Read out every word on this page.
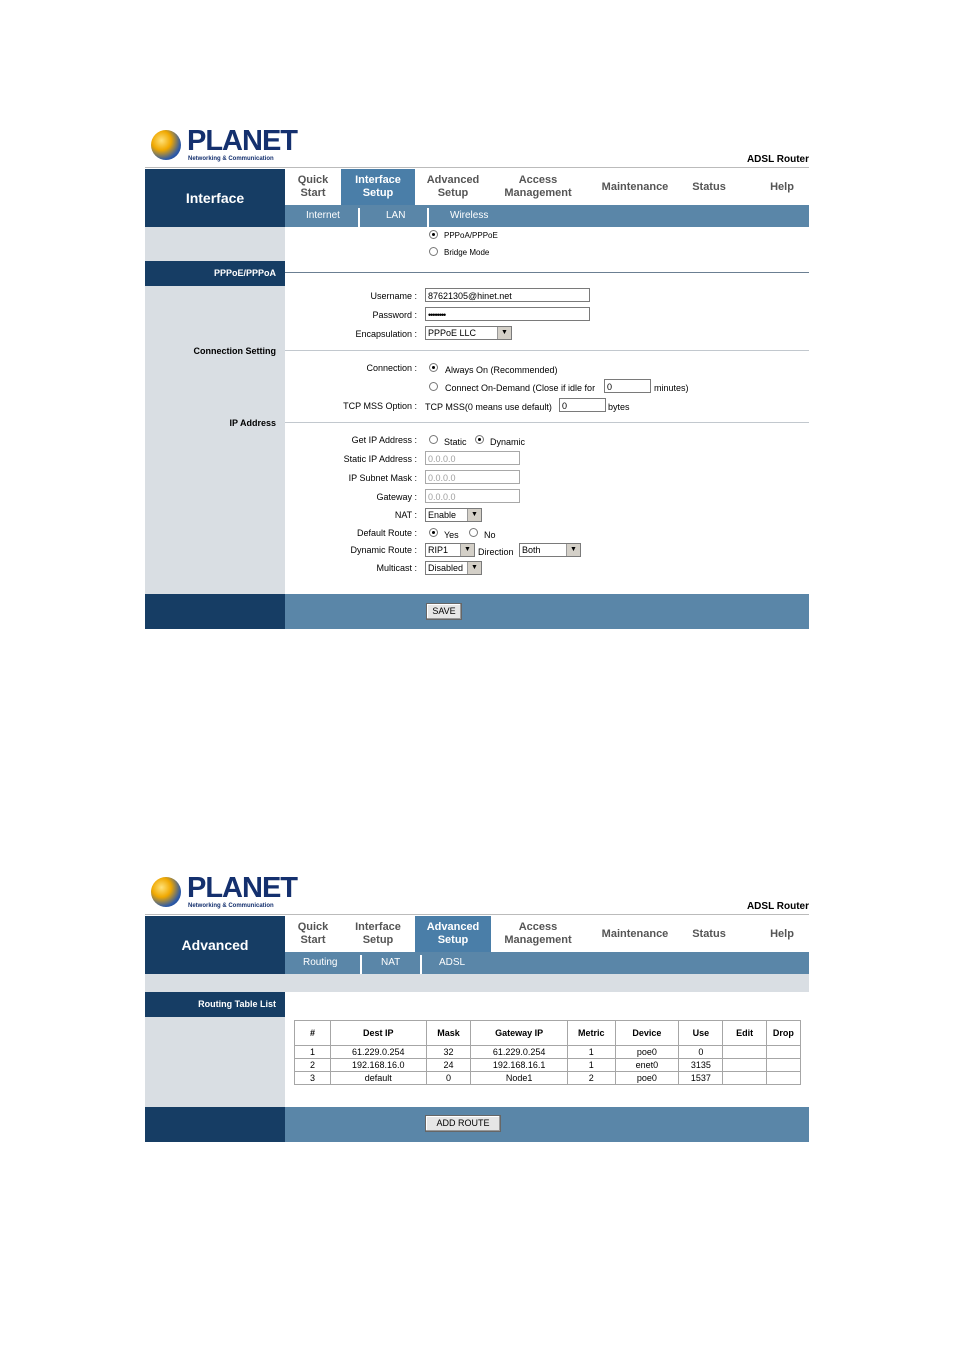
PLANET
Networking & Communication	ADSL Router
Interface
Quick
Start
Interface
Setup
Advanced
Setup
Access
Management
Maintenance	Status	Help
Internet	LAN	Wireless
PPPoA/PPPoE
Bridge Mode
PPPoE/PPPoA
Username :	87621305@hinet.net
Password :	••••••••
Encapsulation :	PPPoE LLC	▼
Connection Setting
Connection :	Always On (Recommended)
Connect On-Demand (Close if idle for	0	minutes)
TCP MSS Option : TCP MSS(0 means use default)	0	bytes
IP Address
Get IP Address :	Static	Dynamic
Static IP Address :	0.0.0.0
IP Subnet Mask :	0.0.0.0
Gateway :	0.0.0.0
NAT :	Enable	▼
Default Route :	Yes	No
Dynamic Route :	RIP1	▼ Direction Both	▼
Multicast :	Disabled	▼
SAVE
PLANET
Networking & Communication	ADSL Router
Advanced
Quick
Start
Interface
Setup
Advanced
Setup
Access
Management
Maintenance	Status	Help
Routing	NAT	ADSL
Routing Table List
#	Dest IP	Mask	Gateway IP	Metric	Device	Use	Edit	Drop
1	61.229.0.254	32	61.229.0.254	1	poe0	0		
2	192.168.16.0	24	192.168.16.1	1	enet0	3135		
3	default	0	Node1	2	poe0	1537		
ADD ROUTE
